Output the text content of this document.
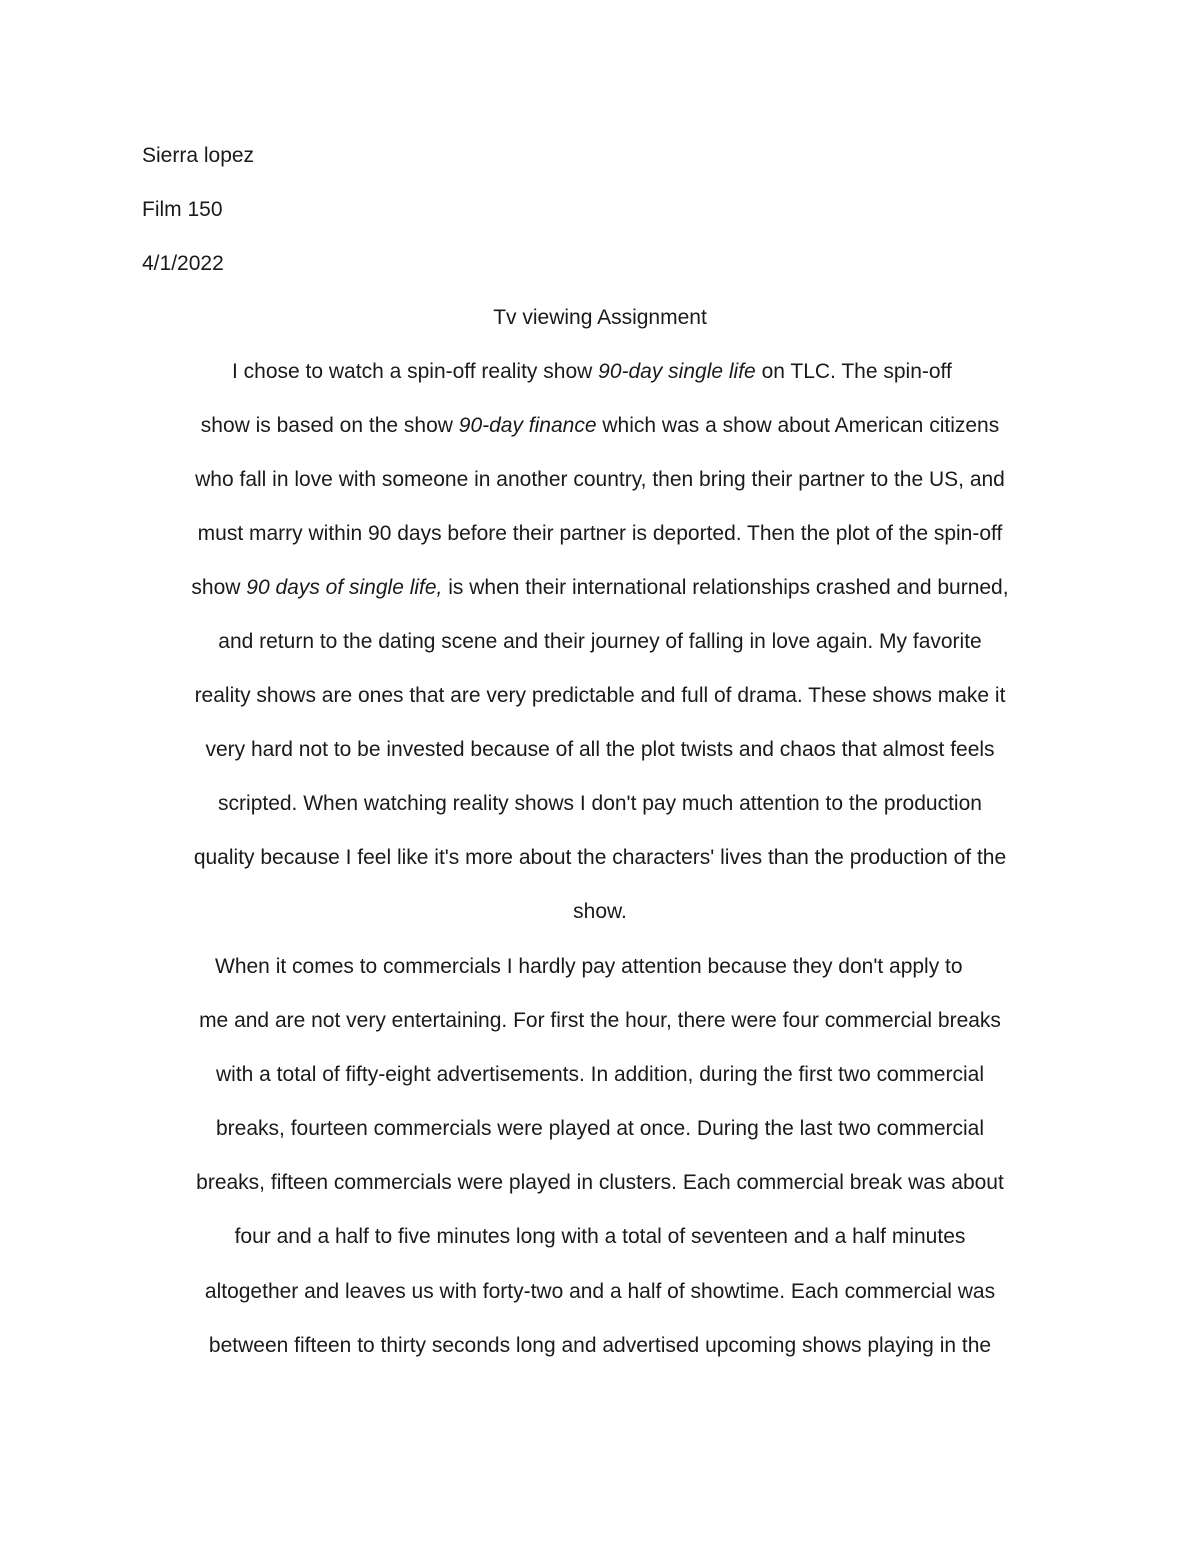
Sierra lopez
Film 150
4/1/2022
Tv viewing Assignment
I chose to watch a spin-off reality show 90-day single life on TLC. The spin-off
show is based on the show 90-day finance which was a show about American citizens
who fall in love with someone in another country, then bring their partner to the US, and
must marry within 90 days before their partner is deported. Then the plot of the spin-off
show 90 days of single life, is when their international relationships crashed and burned,
and return to the dating scene and their journey of falling in love again. My favorite
reality shows are ones that are very predictable and full of drama. These shows make it
very hard not to be invested because of all the plot twists and chaos that almost feels
scripted. When watching reality shows I don't pay much attention to the production
quality because I feel like it's more about the characters' lives than the production of the
show.
When it comes to commercials I hardly pay attention because they don't apply to
me and are not very entertaining. For first the hour, there were four commercial breaks
with a total of fifty-eight advertisements. In addition, during the first two commercial
breaks, fourteen commercials were played at once. During the last two commercial
breaks, fifteen commercials were played in clusters. Each commercial break was about
four and a half to five minutes long with a total of seventeen and a half minutes
altogether and leaves us with forty-two and a half of showtime. Each commercial was
between fifteen to thirty seconds long and advertised upcoming shows playing in the
